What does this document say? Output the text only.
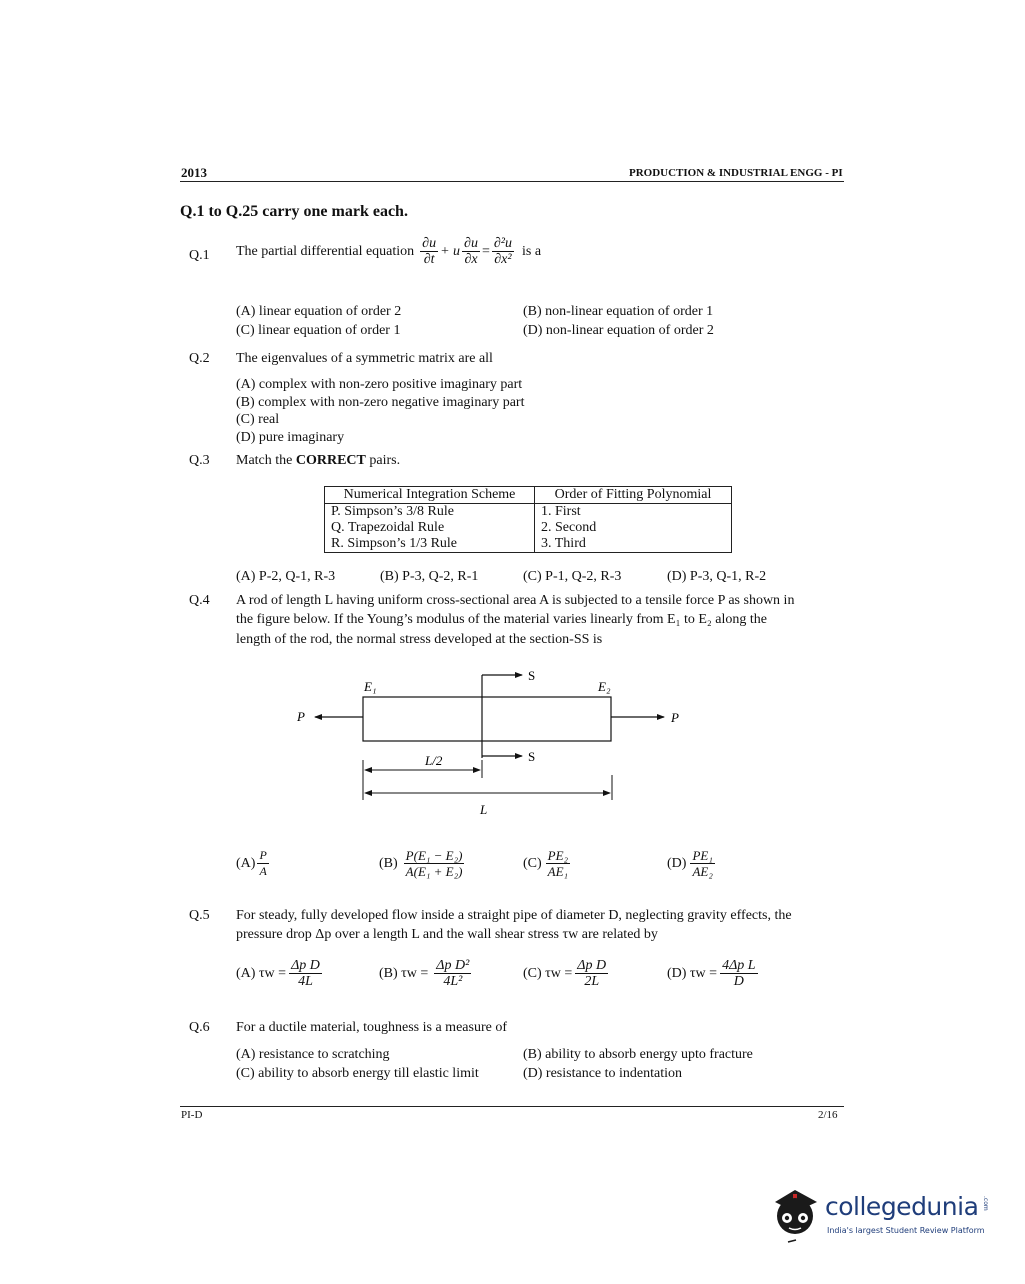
2013	PRODUCTION & INDUSTRIAL ENGG - PI
Q.1 to Q.25 carry one mark each.
Q.1 The partial differential equation $\frac{\partial u}{\partial t} + u \frac{\partial u}{\partial x} = \frac{\text{∂²u}}{\text{∂x²}}$ is a
(A) linear equation of order 2	(B) non-linear equation of order 1
(C) linear equation of order 1	(D) non-linear equation of order 2
Q.2 The eigenvalues of a symmetric matrix are all
(A) complex with non-zero positive imaginary part
(B) complex with non-zero negative imaginary part
(C) real
(D) pure imaginary
Q.3 Match the CORRECT pairs.
Numerical Integration Scheme	Order of Fitting Polynomial
P. Simpson’s 3/8 Rule	1. First
Q. Trapezoidal Rule	2. Second
R. Simpson’s 1/3 Rule	3. Third
(A) P-2, Q-1, R-3	(B) P-3, Q-2, R-1	(C) P-1, Q-2, R-3	(D) P-3, Q-1, R-2
Q.4 A rod of length L having uniform cross-sectional area A is subjected to a tensile force P as shown in
the figure below. If the Young’s modulus of the material varies linearly from E₁ to E₂ along the
length of the rod, the normal stress developed at the section-SS is
E₁	E₂
P	P
S
S
L/2
L
$(A) \frac{P}{A}$	$(B) \frac{\text{P(E₁ − E₂)}}{\text{A(E₁ + E₂)}}$	$(C) \frac{\text{PE₂}}{\text{AE₁}}$	$(D) \frac{\text{PE₁}}{\text{AE₂}}$
Q.5 For steady, fully developed flow inside a straight pipe of diameter D, neglecting gravity effects, the
pressure drop Δp over a length L and the wall shear stress τw are related by
(A) $\tau w = \frac{\text{Δp D}}{4L}$	(B) $\tau w = \frac{\text{Δp D²}}{\text{4L²}}$	(C) $\tau w = \frac{\text{Δp D}}{2L}$	(D) $\tau w = \frac{\text{4Δp L}}{D}$
Q.6 For a ductile material, toughness is a measure of
(A) resistance to scratching	(B) ability to absorb energy upto fracture
(C) ability to absorb energy till elastic limit	(D) resistance to indentation
PI-D	2/16
collegedunia .com
India's largest Student Review Platform
